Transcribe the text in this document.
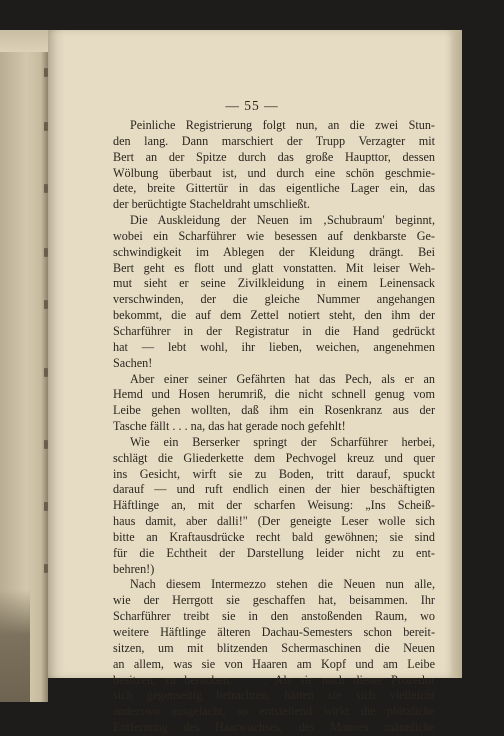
— 55 —
Peinliche Registrierung folgt nun, an die zwei Stun-
den lang. Dann marschiert der Trupp Verzagter mit
Bert an der Spitze durch das große Haupttor, dessen
Wölbung überbaut ist, und durch eine schön geschmie-
dete, breite Gittertür in das eigentliche Lager ein, das
der berüchtigte Stacheldraht umschließt.
Die Auskleidung der Neuen im ‚Schubraum' beginnt,
wobei ein Scharführer wie besessen auf denkbarste Ge-
schwindigkeit im Ablegen der Kleidung drängt. Bei
Bert geht es flott und glatt vonstatten. Mit leiser Weh-
mut sieht er seine Zivilkleidung in einem Leinensack
verschwinden, der die gleiche Nummer angehangen
bekommt, die auf dem Zettel notiert steht, den ihm der
Scharführer in der Registratur in die Hand gedrückt
hat — lebt wohl, ihr lieben, weichen, angenehmen
Sachen!
Aber einer seiner Gefährten hat das Pech, als er an
Hemd und Hosen herumriß, die nicht schnell genug vom
Leibe gehen wollten, daß ihm ein Rosenkranz aus der
Tasche fällt . . . na, das hat gerade noch gefehlt!
Wie ein Berserker springt der Scharführer herbei,
schlägt die Gliederkette dem Pechvogel kreuz und quer
ins Gesicht, wirft sie zu Boden, tritt darauf, spuckt
darauf — und ruft endlich einen der hier beschäftigten
Häftlinge an, mit der scharfen Weisung: „Ins Scheiß-
haus damit, aber dalli!" (Der geneigte Leser wolle sich
bitte an Kraftausdrücke recht bald gewöhnen; sie sind
für die Echtheit der Darstellung leider nicht zu ent-
behren!)
Nach diesem Intermezzo stehen die Neuen nun alle,
wie der Herrgott sie geschaffen hat, beisammen. Ihr
Scharführer treibt sie in den anstoßenden Raum, wo
weitere Häftlinge älteren Dachau-Semesters schon bereit-
sitzen, um mit blitzenden Schermaschinen die Neuen
an allem, was sie von Haaren am Kopf und am Leibe
besitzen, zu berauben. . . . Als sie nach dieser Prozedur
sich gegenseitig betrachten, hätten sie sich vielleicht
anderswo ausgelacht, so entstellend wirkt die plötzliche
Entfernung des Haarwuchses, des Mannes männliche
